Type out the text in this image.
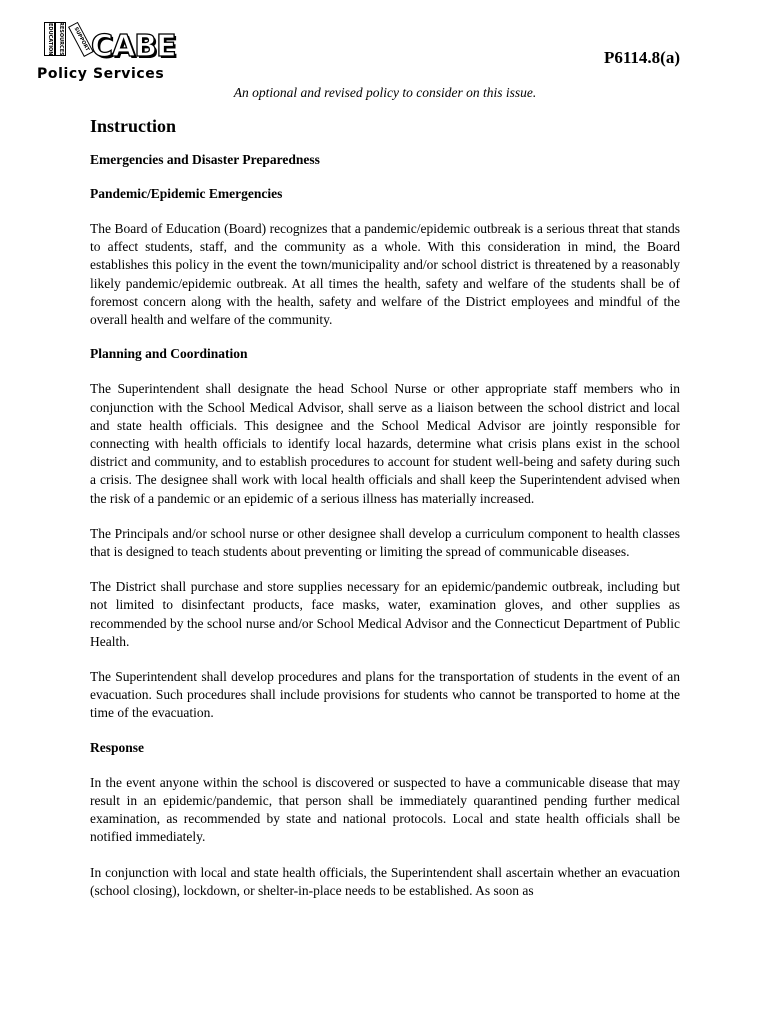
EDUCATION	RESOURCES	SUPPORT CABE
Policy Services
P6114.8(a)
An optional and revised policy to consider on this issue.
Instruction
Emergencies and Disaster Preparedness
Pandemic/Epidemic Emergencies

The Board of Education (Board) recognizes that a pandemic/epidemic outbreak is a serious threat that stands to affect students, staff, and the community as a whole. With this consideration in mind, the Board establishes this policy in the event the town/municipality and/or school district is threatened by a reasonably likely pandemic/epidemic outbreak. At all times the health, safety and welfare of the students shall be of foremost concern along with the health, safety and welfare of the District employees and mindful of the overall health and welfare of the community.

Planning and Coordination

The Superintendent shall designate the head School Nurse or other appropriate staff members who in conjunction with the School Medical Advisor, shall serve as a liaison between the school district and local and state health officials. This designee and the School Medical Advisor are jointly responsible for connecting with health officials to identify local hazards, determine what crisis plans exist in the school district and community, and to establish procedures to account for student well-being and safety during such a crisis. The designee shall work with local health officials and shall keep the Superintendent advised when the risk of a pandemic or an epidemic of a serious illness has materially increased.

The Principals and/or school nurse or other designee shall develop a curriculum component to health classes that is designed to teach students about preventing or limiting the spread of communicable diseases.

The District shall purchase and store supplies necessary for an epidemic/pandemic outbreak, including but not limited to disinfectant products, face masks, water, examination gloves, and other supplies as recommended by the school nurse and/or School Medical Advisor and the Connecticut Department of Public Health.

The Superintendent shall develop procedures and plans for the transportation of students in the event of an evacuation. Such procedures shall include provisions for students who cannot be transported to home at the time of the evacuation.

Response

In the event anyone within the school is discovered or suspected to have a communicable disease that may result in an epidemic/pandemic, that person shall be immediately quarantined pending further medical examination, as recommended by state and national protocols. Local and state health officials shall be notified immediately.

In conjunction with local and state health officials, the Superintendent shall ascertain whether an evacuation (school closing), lockdown, or shelter-in-place needs to be established. As soon as
